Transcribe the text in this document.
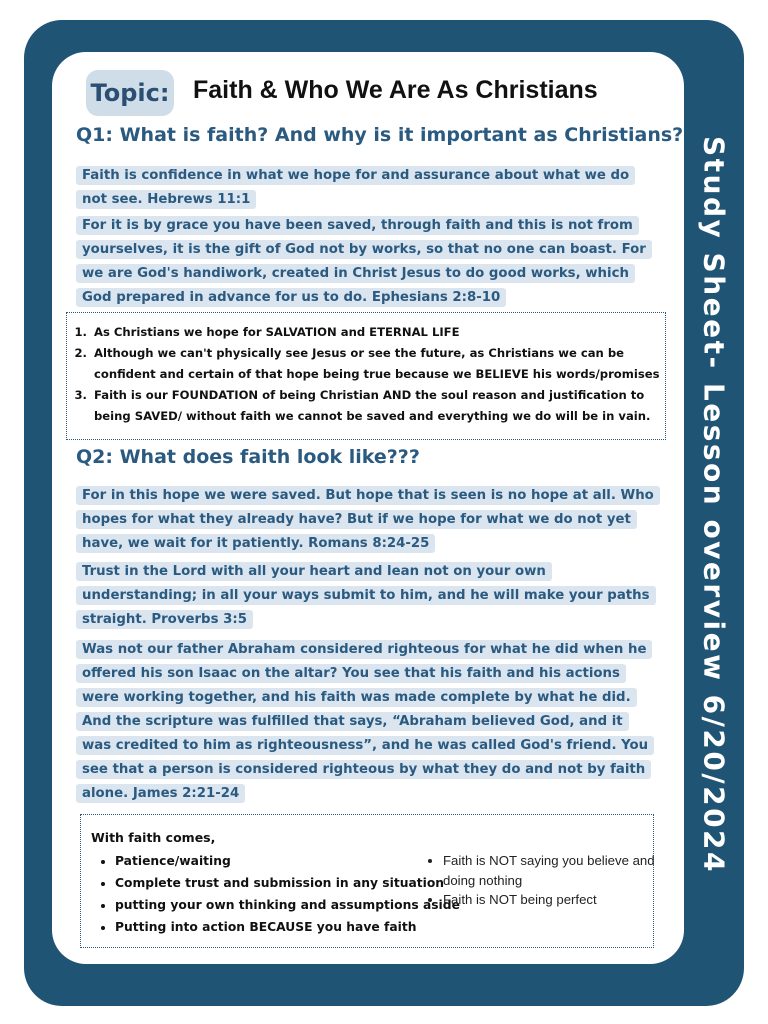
Study Sheet- Lesson overview 6/20/2024
Topic: Faith & Who We Are As Christians
Q1: What is faith? And why is it important as Christians?
Faith is confidence in what we hope for and assurance about what we do not see. Hebrews 11:1
For it is by grace you have been saved, through faith and this is not from yourselves, it is the gift of God not by works, so that no one can boast. For we are God's handiwork, created in Christ Jesus to do good works, which God prepared in advance for us to do. Ephesians 2:8-10
1. As Christians we hope for SALVATION and ETERNAL LIFE
2. Although we can't physically see Jesus or see the future, as Christians we can be confident and certain of that hope being true because we BELIEVE his words/promises
3. Faith is our FOUNDATION of being Christian AND the soul reason and justification to being SAVED/ without faith we cannot be saved and everything we do will be in vain.
Q2: What does faith look like???
For in this hope we were saved. But hope that is seen is no hope at all. Who hopes for what they already have? But if we hope for what we do not yet have, we wait for it patiently. Romans 8:24-25
Trust in the Lord with all your heart and lean not on your own understanding; in all your ways submit to him, and he will make your paths straight. Proverbs 3:5
Was not our father Abraham considered righteous for what he did when he offered his son Isaac on the altar? You see that his faith and his actions were working together, and his faith was made complete by what he did. And the scripture was fulfilled that says, “Abraham believed God, and it was credited to him as righteousness”, and he was called God's friend. You see that a person is considered righteous by what they do and not by faith alone. James 2:21-24
With faith comes,
• Patience/waiting
• Complete trust and submission in any situation
• putting your own thinking and assumptions aside
• Putting into action BECAUSE you have faith
• Faith is NOT saying you believe and doing nothing
• Faith is NOT being perfect
